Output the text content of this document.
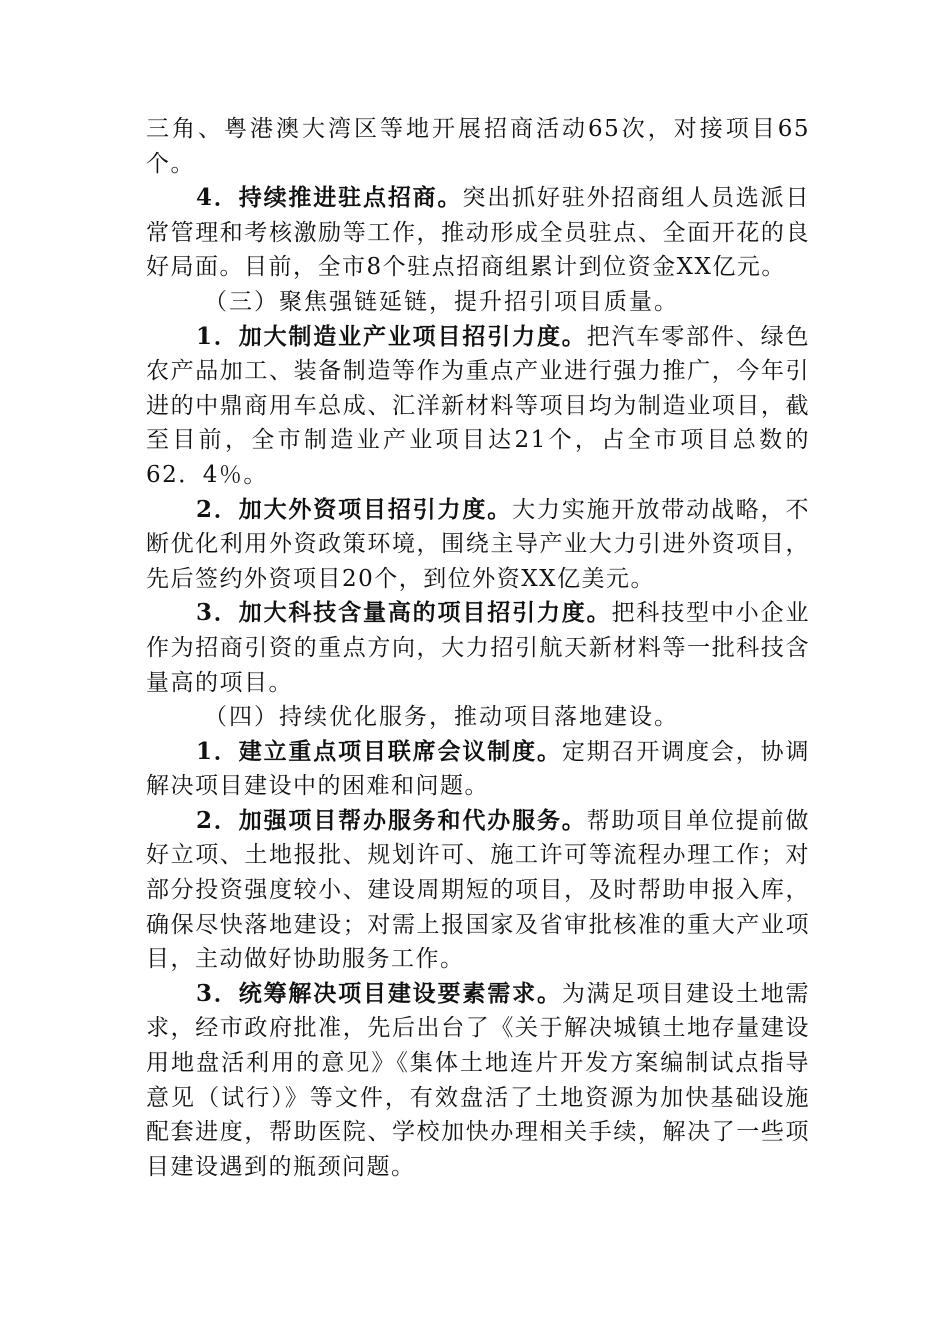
三角、粤港澳大湾区等地开展招商活动65次，对接项目65个。

4．持续推进驻点招商。突出抓好驻外招商组人员选派日常管理和考核激励等工作，推动形成全员驻点、全面开花的良好局面。目前，全市8个驻点招商组累计到位资金XX亿元。

（三）聚焦强链延链，提升招引项目质量。

1．加大制造业产业项目招引力度。把汽车零部件、绿色农产品加工、装备制造等作为重点产业进行强力推广，今年引进的中鼎商用车总成、汇洋新材料等项目均为制造业项目，截至目前，全市制造业产业项目达21个，占全市项目总数的62．4％。

2．加大外资项目招引力度。大力实施开放带动战略，不断优化利用外资政策环境，围绕主导产业大力引进外资项目，先后签约外资项目20个，到位外资XX亿美元。

3．加大科技含量高的项目招引力度。把科技型中小企业作为招商引资的重点方向，大力招引航天新材料等一批科技含量高的项目。

（四）持续优化服务，推动项目落地建设。

1．建立重点项目联席会议制度。定期召开调度会，协调解决项目建设中的困难和问题。

2．加强项目帮办服务和代办服务。帮助项目单位提前做好立项、土地报批、规划许可、施工许可等流程办理工作；对部分投资强度较小、建设周期短的项目，及时帮助申报入库，确保尽快落地建设；对需上报国家及省审批核准的重大产业项目，主动做好协助服务工作。

3．统筹解决项目建设要素需求。为满足项目建设土地需求，经市政府批准，先后出台了《关于解决城镇土地存量建设用地盘活利用的意见》《集体土地连片开发方案编制试点指导意见（试行）》等文件，有效盘活了土地资源为加快基础设施配套进度，帮助医院、学校加快办理相关手续，解决了一些项目建设遇到的瓶颈问题。
